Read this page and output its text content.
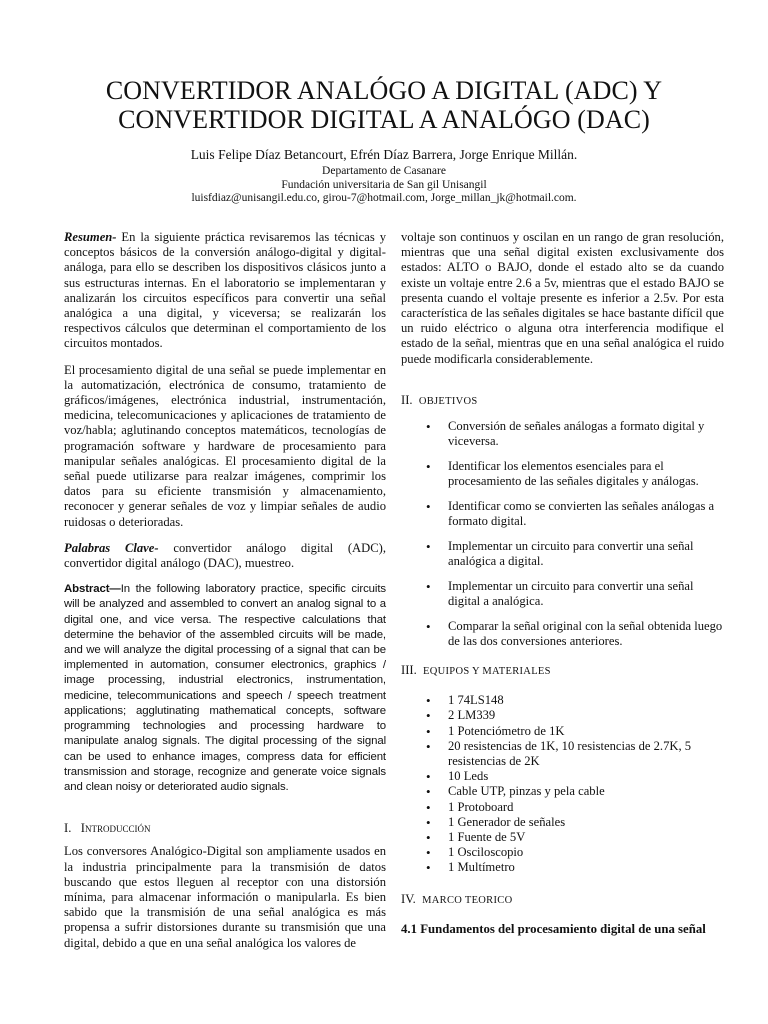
CONVERTIDOR ANALÓGO A DIGITAL (ADC) Y
CONVERTIDOR DIGITAL A ANALÓGO (DAC)
Luis Felipe Díaz Betancourt, Efrén Díaz Barrera, Jorge Enrique Millán.
Departamento de Casanare
Fundación universitaria de San gil Unisangil
luisfdiaz@unisangil.edu.co, girou-7@hotmail.com, Jorge_millan_jk@hotmail.com.

Resumen- En la siguiente práctica revisaremos las técnicas y conceptos básicos de la conversión análogo-digital y digital-análoga, para ello se describen los dispositivos clásicos junto a sus estructuras internas. En el laboratorio se implementaran y analizarán los circuitos específicos para convertir una señal analógica a una digital, y viceversa; se realizarán los respectivos cálculos que determinan el comportamiento de los circuitos montados.

El procesamiento digital de una señal se puede implementar en la automatización, electrónica de consumo, tratamiento de gráficos/imágenes, electrónica industrial, instrumentación, medicina, telecomunicaciones y aplicaciones de tratamiento de voz/habla; aglutinando conceptos matemáticos, tecnologías de programación software y hardware de procesamiento para manipular señales analógicas. El procesamiento digital de la señal puede utilizarse para realzar imágenes, comprimir los datos para su eficiente transmisión y almacenamiento, reconocer y generar señales de voz y limpiar señales de audio ruidosas o deterioradas.

Palabras Clave- convertidor análogo digital (ADC), convertidor digital análogo (DAC), muestreo.

Abstract—In the following laboratory practice, specific circuits will be analyzed and assembled to convert an analog signal to a digital one, and vice versa. The respective calculations that determine the behavior of the assembled circuits will be made, and we will analyze the digital processing of a signal that can be implemented in automation, consumer electronics, graphics / image processing, industrial electronics, instrumentation, medicine, telecommunications and speech / speech treatment applications; agglutinating mathematical concepts, software programming technologies and processing hardware to manipulate analog signals. The digital processing of the signal can be used to enhance images, compress data for efficient transmission and storage, recognize and generate voice signals and clean noisy or deteriorated audio signals.

I. Introducción

Los conversores Analógico-Digital son ampliamente usados en la industria principalmente para la transmisión de datos buscando que estos lleguen al receptor con una distorsión mínima, para almacenar información o manipularla. Es bien sabido que la transmisión de una señal analógica es más propensa a sufrir distorsiones durante su transmisión que una digital, debido a que en una señal analógica los valores de

voltaje son continuos y oscilan en un rango de gran resolución, mientras que una señal digital existen exclusivamente dos estados: ALTO o BAJO, donde el estado alto se da cuando existe un voltaje entre 2.6 a 5v, mientras que el estado BAJO se presenta cuando el voltaje presente es inferior a 2.5v. Por esta característica de las señales digitales se hace bastante difícil que un ruido eléctrico o alguna otra interferencia modifique el estado de la señal, mientras que en una señal analógica el ruido puede modificarla considerablemente.

II. OBJETIVOS

• Conversión de señales análogas a formato digital y viceversa.
• Identificar los elementos esenciales para el procesamiento de las señales digitales y análogas.
• Identificar como se convierten las señales análogas a formato digital.
• Implementar un circuito para convertir una señal analógica a digital.
• Implementar un circuito para convertir una señal digital a analógica.
• Comparar la señal original con la señal obtenida luego de las dos conversiones anteriores.

III. EQUIPOS Y MATERIALES

• 1 74LS148
• 2 LM339
• 1 Potenciómetro de 1K
• 20 resistencias de 1K, 10 resistencias de 2.7K, 5 resistencias de 2K
• 10 Leds
• Cable UTP, pinzas y pela cable
• 1 Protoboard
• 1 Generador de señales
• 1 Fuente de 5V
• 1 Osciloscopio
• 1 Multímetro

IV. MARCO TEORICO

4.1 Fundamentos del procesamiento digital de una señal
